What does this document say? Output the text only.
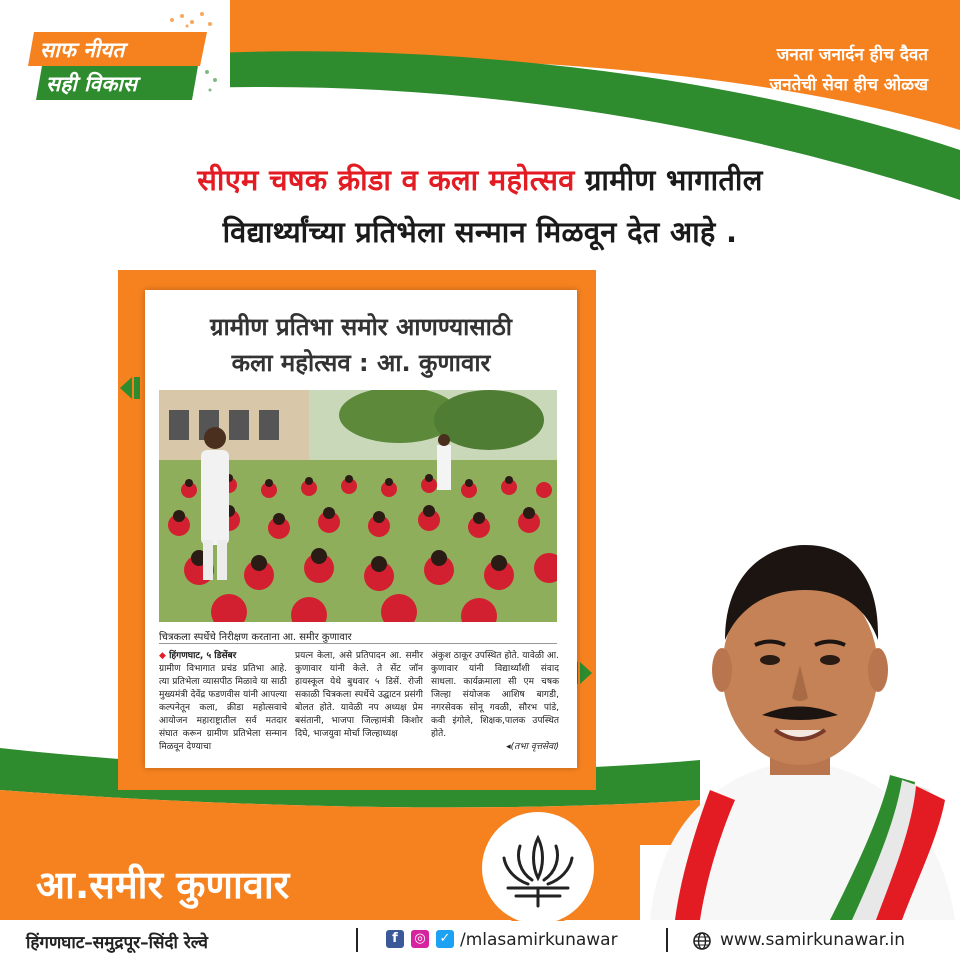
साफ नीयत
सही विकास
जनता जनार्दन हीच दैवत
जनतेची सेवा हीच ओळख
सीएम चषक क्रीडा व कला महोत्सव ग्रामीण भागातील
विद्यार्थ्यांच्या प्रतिभेला सन्मान मिळवून देत आहे .
ग्रामीण प्रतिभा समोर आणण्यासाठी
कला महोत्सव : आ. कुणावार
चित्रकला स्पर्धेचे निरीक्षण करताना आ. समीर कुणावार

◆ हिंगणघाट, ५ डिसेंबर

ग्रामीण विभागात प्रचंड प्रतिभा आहे. त्या प्रतिभेला व्यासपीठ मिळावे या साठी मुख्यमंत्री देवेंद्र फडणवीस यांनी आपल्या कल्पनेतून कला, क्रीडा महोत्सवाचे आयोजन महाराष्ट्रातील सर्व मतदार संघात करून ग्रामीण प्रतिभेला सन्मान मिळवून देण्याचा

प्रयत्न केला, असे प्रतिपादन आ. समीर कुणावार यांनी केले. ते सेंट जॉन हायस्कूल येथे बुधवार ५ डिसें. रोजी सकाळी चित्रकला स्पर्धेचे उद्घाटन प्रसंगी बोलत होते. यावेळी नप अध्यक्ष प्रेम बसंतानी, भाजपा जिल्हामंत्री किशोर दिघे, भाजयुवा मोर्चा जिल्हाध्यक्ष

अंकुश ठाकूर उपस्थित होते. यावेळी आ. कुणावार यांनी विद्यार्थ्यांशी संवाद साधला. कार्यक्रमाला सी एम चषक जिल्हा संयोजक आशिष बागडी, नगरसेवक सोनू गवळी, सौरभ पांडे, कवी इंगोले, शिक्षक,पालक उपस्थित होते.

◂(तभा वृत्तसेवा)

आ.समीर कुणावार
हिंगणघाट–समुद्रपूर–सिंदी रेल्वे	f	◎ ✓ /mlasamirkunawar	www.samirkunawar.in
